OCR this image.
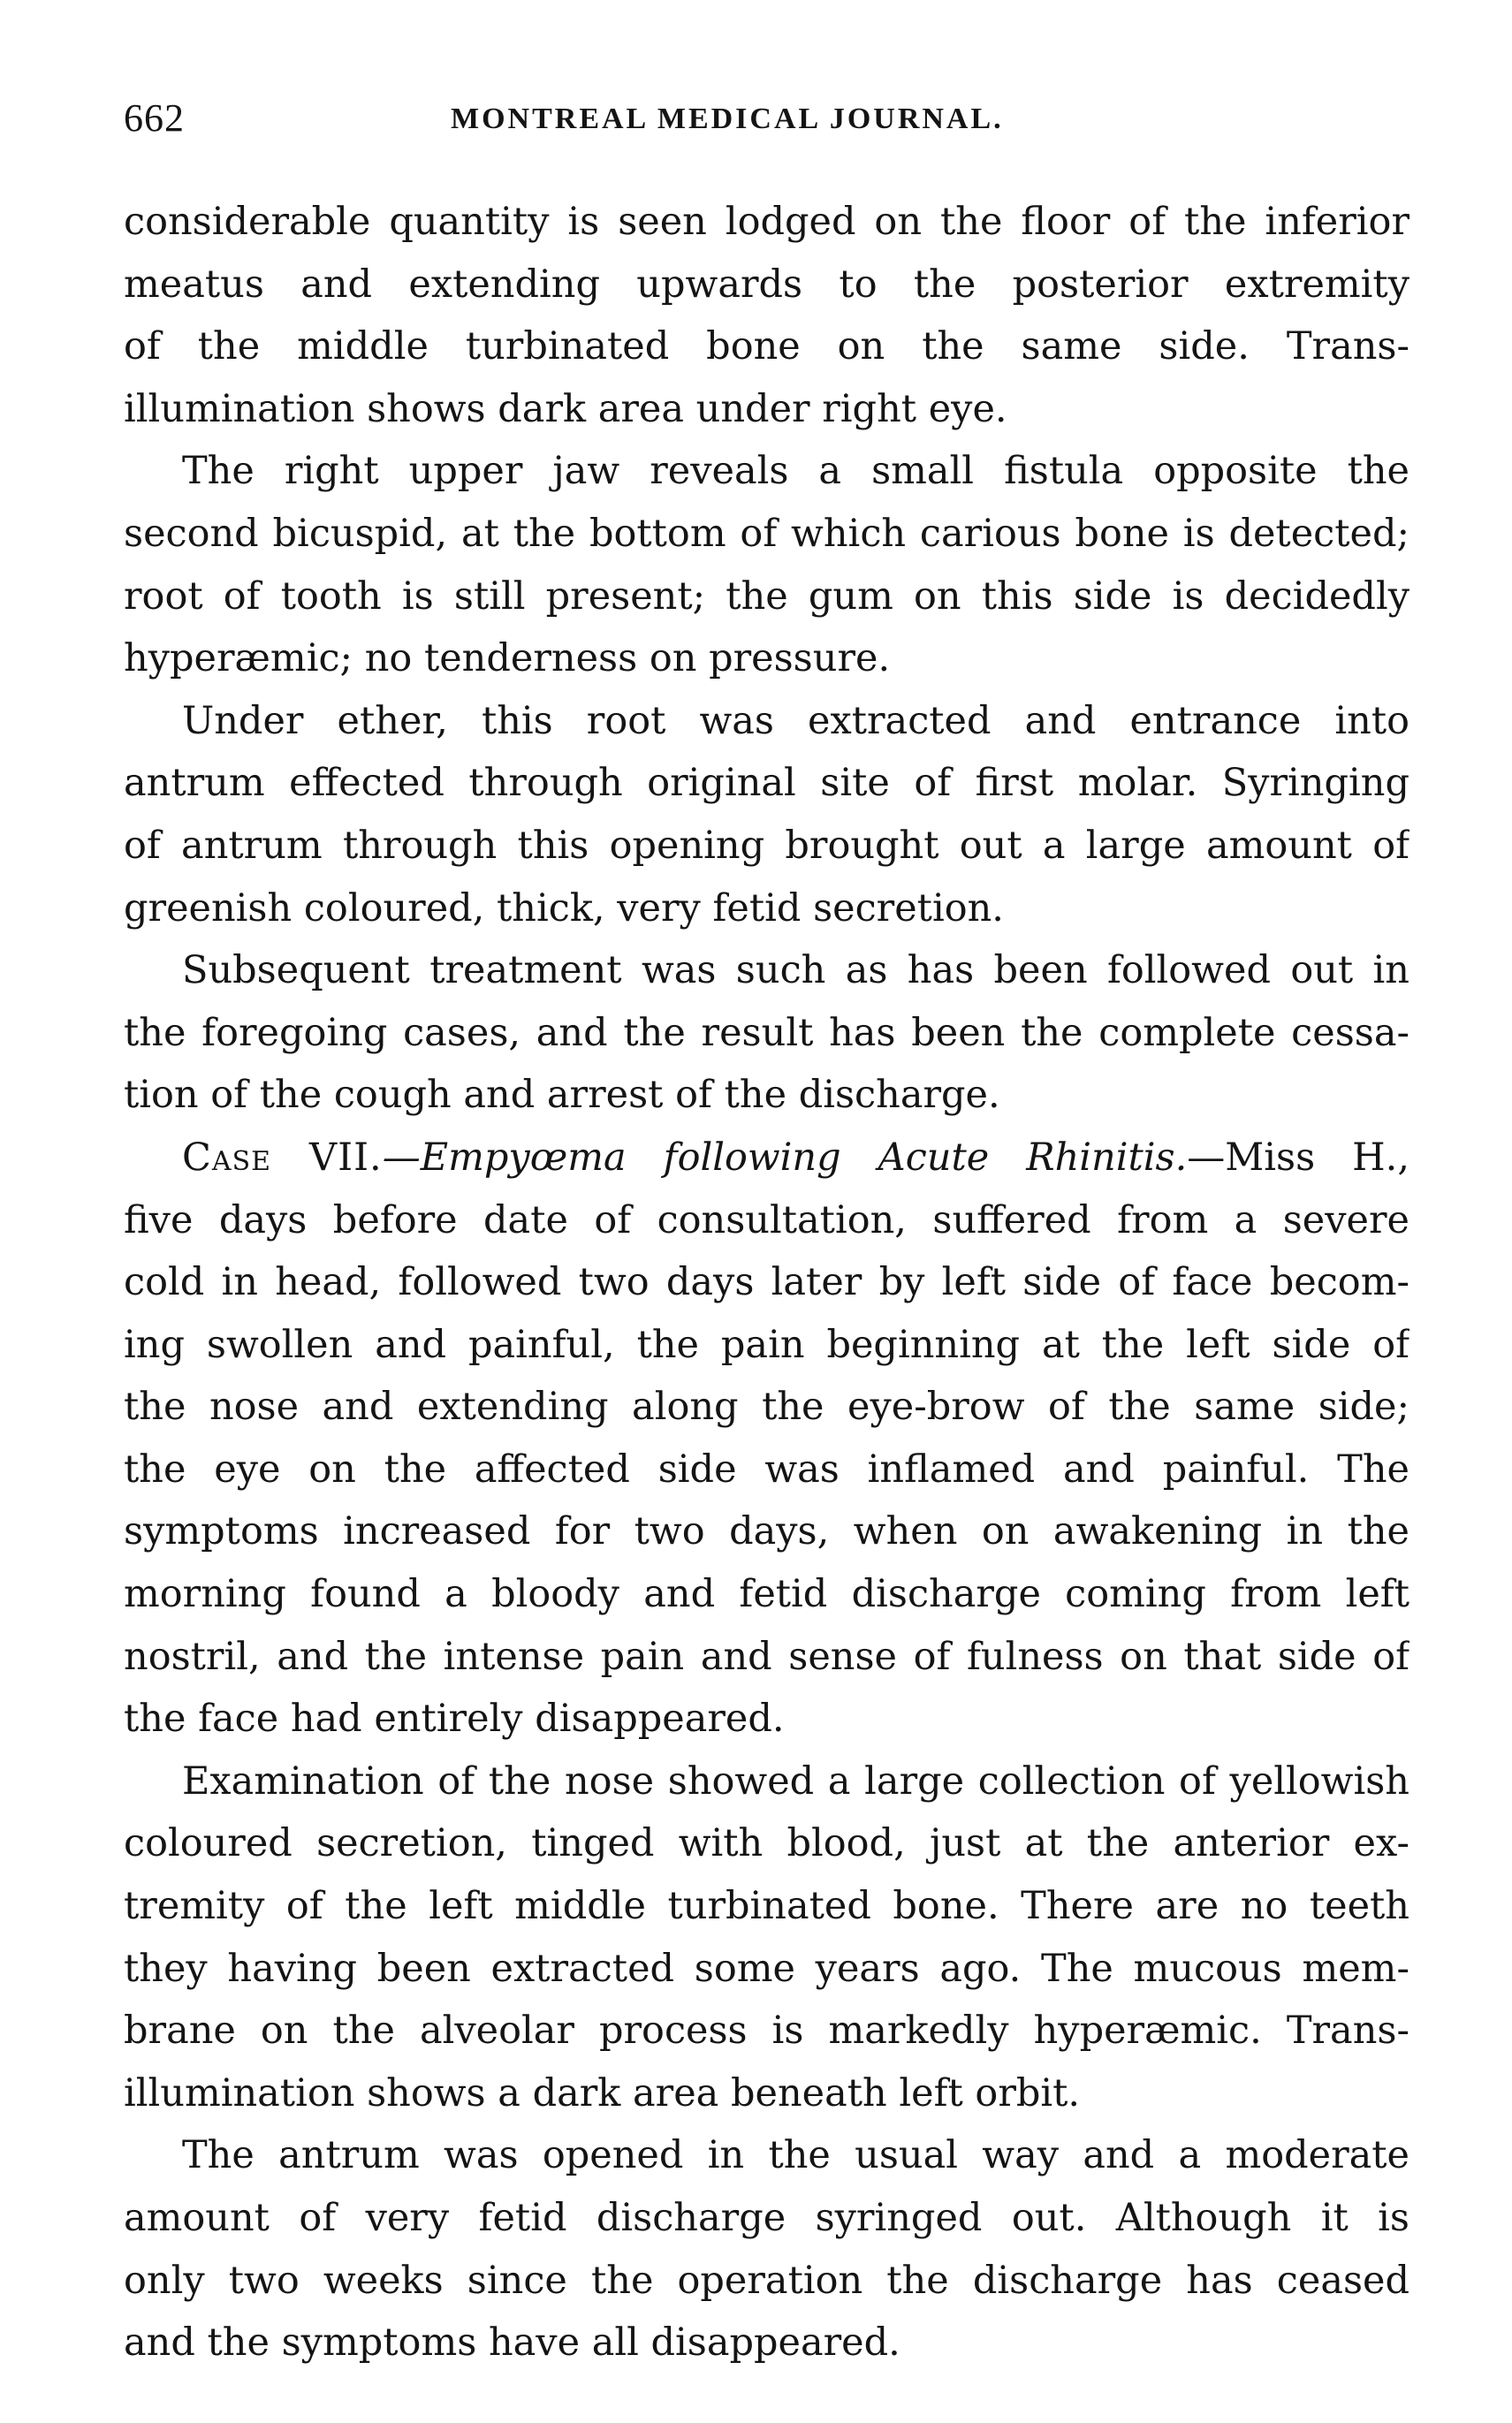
662	MONTREAL MEDICAL JOURNAL.
considerable quantity is seen lodged on the floor of the inferior
meatus and extending upwards to the posterior extremity
of the middle turbinated bone on the same side. Trans-
illumination shows dark area under right eye.
The right upper jaw reveals a small fistula opposite the
second bicuspid, at the bottom of which carious bone is detected;
root of tooth is still present; the gum on this side is decidedly
hyperæmic; no tenderness on pressure.
Under ether, this root was extracted and entrance into
antrum effected through original site of first molar. Syringing
of antrum through this opening brought out a large amount of
greenish coloured, thick, very fetid secretion.
Subsequent treatment was such as has been followed out in
the foregoing cases, and the result has been the complete cessa-
tion of the cough and arrest of the discharge.
Case VII.—Empyœma following Acute Rhinitis.—Miss H.,
five days before date of consultation, suffered from a severe
cold in head, followed two days later by left side of face becom-
ing swollen and painful, the pain beginning at the left side of
the nose and extending along the eye-brow of the same side;
the eye on the affected side was inflamed and painful. The
symptoms increased for two days, when on awakening in the
morning found a bloody and fetid discharge coming from left
nostril, and the intense pain and sense of fulness on that side of
the face had entirely disappeared.
Examination of the nose showed a large collection of yellowish
coloured secretion, tinged with blood, just at the anterior ex-
tremity of the left middle turbinated bone. There are no teeth
they having been extracted some years ago. The mucous mem-
brane on the alveolar process is markedly hyperæmic. Trans-
illumination shows a dark area beneath left orbit.
The antrum was opened in the usual way and a moderate
amount of very fetid discharge syringed out. Although it is
only two weeks since the operation the discharge has ceased
and the symptoms have all disappeared.
